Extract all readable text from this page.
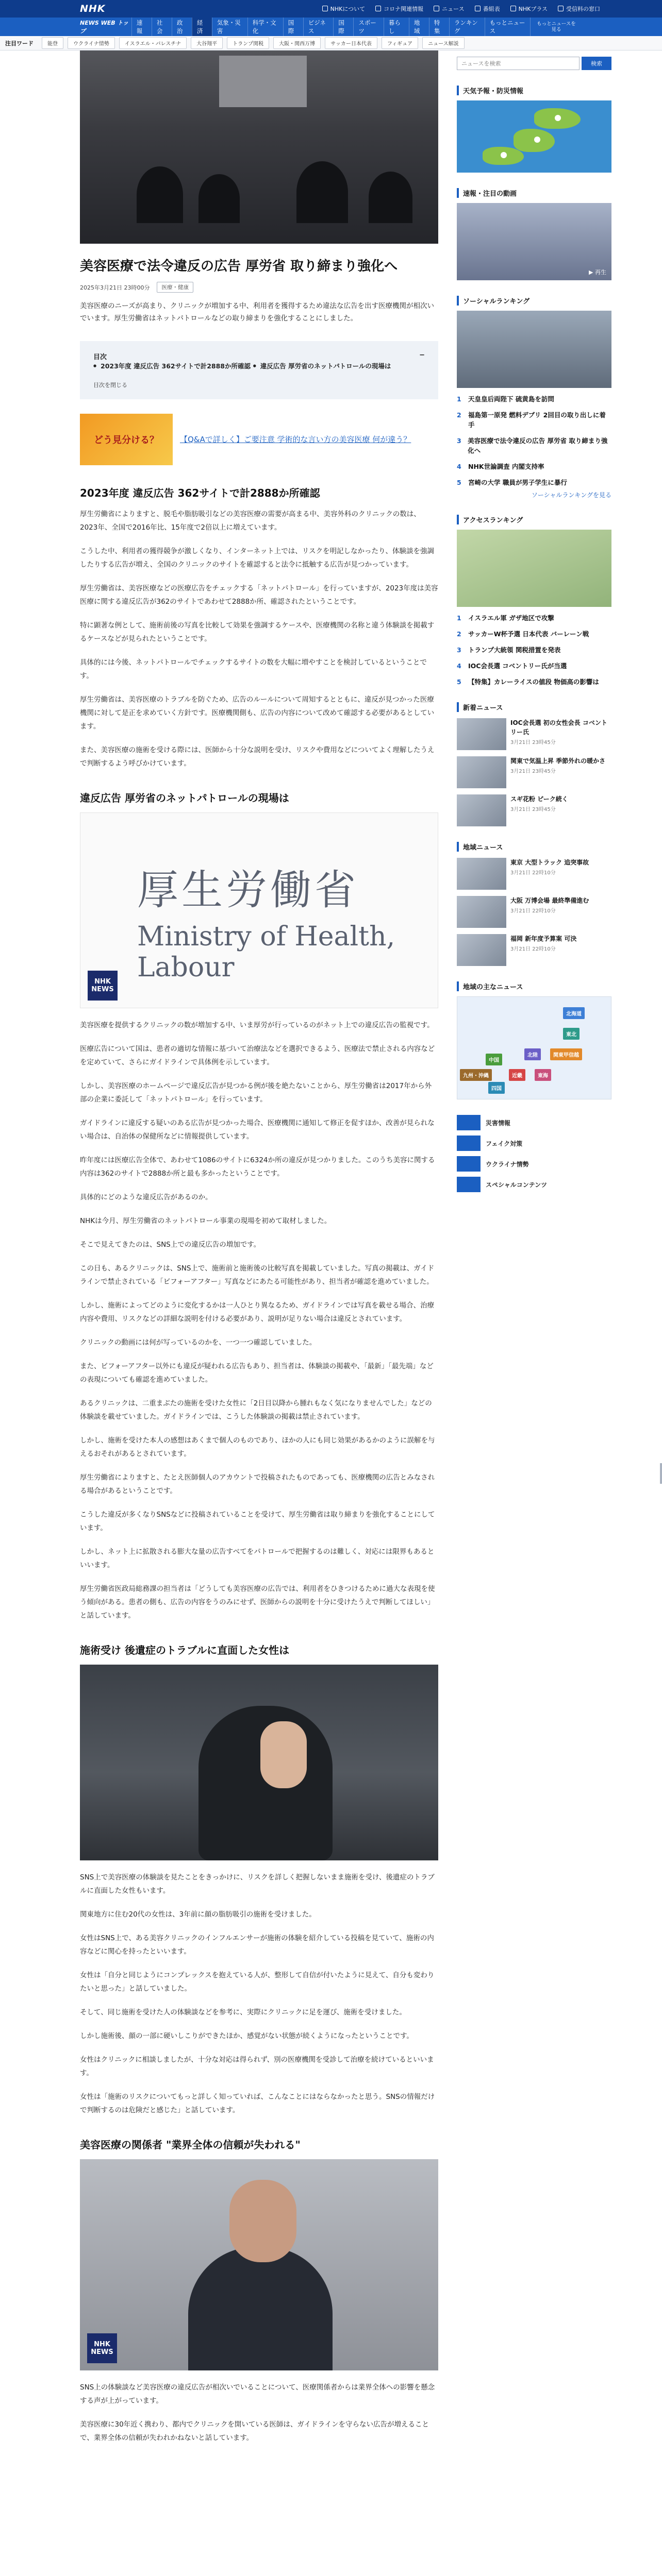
NHK	NHKについて	コロナ関連情報	ニュース	番組表	NHKプラス	受信料の窓口
NEWS WEB トップ
速報
社会
政治
経済
気象・災害
科学・文化
国際
ビジネス
国際
スポーツ
暮らし
地域
特集
ランキング
もっとニュース
もっとニュースを見る
注目ワード	能登	ウクライナ情勢	イスラエル・パレスチナ	大谷翔平	トランプ関税	大阪・関西万博	サッカー日本代表	フィギュア	ニュース解説
美容医療で法令違反の広告 厚労省 取り締まり強化へ
2025年3月21日 23時00分	医療・健康

美容医療のニーズが高まり、クリニックが増加する中、利用者を獲得するため違法な広告を出す医療機関が相次いでいます。厚生労働省はネットパトロールなどの取り締まりを強化することにしました。

目次	−
● 2023年度 違反広告 362サイトで計2888か所確認 ● 違反広告 厚労省のネットパトロールの現場は
目次を閉じる
どう見分ける？	【Q&Aで詳しく】ご要注意 学術的な言い方の美容医療 何が違う？
2023年度 違反広告 362サイトで計2888か所確認

厚生労働省によりますと、脱毛や脂肪吸引などの美容医療の需要が高まる中、美容外科のクリニックの数は、2023年、全国で2016年比、15年度で2倍以上に増えています。

こうした中、利用者の獲得競争が激しくなり、インターネット上では、リスクを明記しなかったり、体験談を強調したりする広告が増え、全国のクリニックのサイトを確認すると法令に抵触する広告が見つかっています。

厚生労働省は、美容医療などの医療広告をチェックする「ネットパトロール」を行っていますが、2023年度は美容医療に関する違反広告が362のサイトであわせて2888か所、確認されたということです。

特に顕著な例として、施術前後の写真を比較して効果を強調するケースや、医療機関の名称と違う体験談を掲載するケースなどが見られたということです。

具体的には今後、ネットパトロールでチェックするサイトの数を大幅に増やすことを検討しているということです。

厚生労働省は、美容医療のトラブルを防ぐため、広告のルールについて周知するとともに、違反が見つかった医療機関に対して是正を求めていく方針です。医療機関側も、広告の内容について改めて確認する必要があるとしています。

また、美容医療の施術を受ける際には、医師から十分な説明を受け、リスクや費用などについてよく理解したうえで判断するよう呼びかけています。

違反広告 厚労省のネットパトロールの現場は
厚生労働省
Ministry of Health, Labour
NHK NEWS

美容医療を提供するクリニックの数が増加する中、いま厚労が行っているのがネット上での違反広告の監視です。

医療広告について国は、患者の適切な情報に基づいて治療法などを選択できるよう、医療法で禁止される内容などを定めていて、さらにガイドラインで具体例を示しています。

しかし、美容医療のホームページで違反広告が見つかる例が後を絶たないことから、厚生労働省は2017年から外部の企業に委託して「ネットパトロール」を行っています。

ガイドラインに違反する疑いのある広告が見つかった場合、医療機関に通知して修正を促すほか、改善が見られない場合は、自治体の保健所などに情報提供しています。

昨年度には医療広告全体で、あわせて1086のサイトに6324か所の違反が見つかりました。このうち美容に関する内容は362のサイトで2888か所と最も多かったということです。

具体的にどのような違反広告があるのか。

NHKは今月、厚生労働省のネットパトロール事業の現場を初めて取材しました。

そこで見えてきたのは、SNS上での違反広告の増加です。

この日も、あるクリニックは、SNS上で、施術前と施術後の比較写真を掲載していました。写真の掲載は、ガイドラインで禁止されている「ビフォーアフター」写真などにあたる可能性があり、担当者が確認を進めていました。

しかし、施術によってどのように変化するかは一人ひとり異なるため、ガイドラインでは写真を載せる場合、治療内容や費用、リスクなどの詳細な説明を付ける必要があり、説明が足りない場合は違反とされています。

クリニックの動画には何が写っているのかを、一つ一つ確認していました。

また、ビフォーアフター以外にも違反が疑われる広告もあり、担当者は、体験談の掲載や、「最新」「最先端」などの表現についても確認を進めていました。

あるクリニックは、二重まぶたの施術を受けた女性に「2日目以降から腫れもなく気になりませんでした」などの体験談を載せていました。ガイドラインでは、こうした体験談の掲載は禁止されています。

しかし、施術を受けた本人の感想はあくまで個人のものであり、ほかの人にも同じ効果があるかのように誤解を与えるおそれがあるとされています。

厚生労働省によりますと、たとえ医師個人のアカウントで投稿されたものであっても、医療機関の広告とみなされる場合があるということです。

こうした違反が多くなりSNSなどに投稿されていることを受けて、厚生労働省は取り締まりを強化することにしています。

しかし、ネット上に拡散される膨大な量の広告すべてをパトロールで把握するのは難しく、対応には限界もあるといいます。

厚生労働省医政局総務課の担当者は「どうしても美容医療の広告では、利用者をひきつけるために過大な表現を使う傾向がある。患者の側も、広告の内容をうのみにせず、医師からの説明を十分に受けたうえで判断してほしい」と話しています。

施術受け 後遺症のトラブルに直面した女性は

SNS上で美容医療の体験談を見たことをきっかけに、リスクを詳しく把握しないまま施術を受け、後遺症のトラブルに直面した女性もいます。

関東地方に住む20代の女性は、3年前に顔の脂肪吸引の施術を受けました。

女性はSNS上で、ある美容クリニックのインフルエンサーが施術の体験を紹介している投稿を見ていて、施術の内容などに関心を持ったといいます。

女性は「自分と同じようにコンプレックスを抱えている人が、整形して自信が付いたように見えて、自分も変わりたいと思った」と話していました。

そして、同じ施術を受けた人の体験談などを参考に、実際にクリニックに足を運び、施術を受けました。

しかし施術後、顔の一部に硬いしこりができたほか、感覚がない状態が続くようになったということです。

女性はクリニックに相談しましたが、十分な対応は得られず、別の医療機関を受診して治療を続けているといいます。

女性は「施術のリスクについてもっと詳しく知っていれば、こんなことにはならなかったと思う。SNSの情報だけで判断するのは危険だと感じた」と話しています。

美容医療の関係者 "業界全体の信頼が失われる"
NHK NEWS

SNS上の体験談など美容医療の違反広告が相次いでいることについて、医療関係者からは業界全体への影響を懸念する声が上がっています。

美容医療に30年近く携わり、都内でクリニックを開いている医師は、ガイドラインを守らない広告が増えることで、業界全体の信頼が失われかねないと話しています。

ニュースを検索
検索
天気予報・防災情報
速報・注目の動画
▶ 再生
ソーシャルランキング
1	天皇皇后両陛下 硫黄島を訪問
2	福島第一原発 燃料デブリ 2回目の取り出しに着手
3 美容医療で法令違反の広告 厚労省 取り締まり強化へ
4	NHK世論調査 内閣支持率
5	宮崎の大学 職員が男子学生に暴行
ソーシャルランキングを見る
アクセスランキング
1	イスラエル軍 ガザ地区で攻撃
2	サッカーW杯予選 日本代表 バーレーン戦
3	トランプ大統領 関税措置を発表
4	IOC会長選 コベントリー氏が当選
5	【特集】カレーライスの値段 物価高の影響は
新着ニュース
IOC会長選 初の女性会長 コベントリー氏
3月21日 23時45分
関東で気温上昇 季節外れの暖かさ
3月21日 23時45分
スギ花粉 ピーク続く
3月21日 23時45分
地域ニュース
東京 大型トラック 追突事故
3月21日 22時10分
大阪 万博会場 最終準備進む
3月21日 22時10分
福岡 新年度予算案 可決
3月21日 22時10分
地域の主なニュース
北海道
東北
関東甲信越
東海
北陸
近畿
中国
四国
九州・沖縄
災害情報
フェイク対策
ウクライナ情勢
スペシャルコンテンツ
